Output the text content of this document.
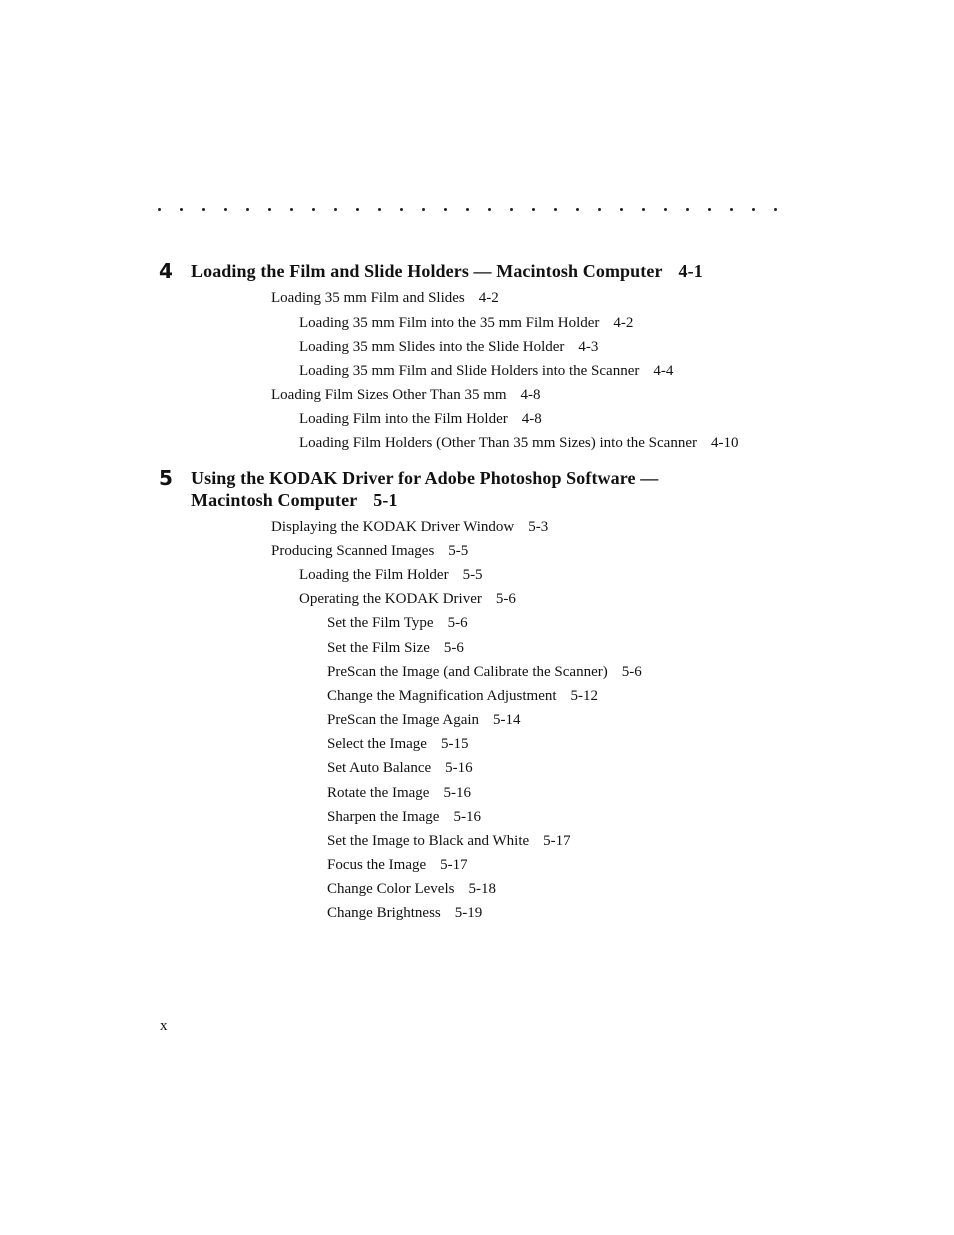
4 Loading the Film and Slide Holders — Macintosh Computer 4-1
Loading 35 mm Film and Slides 4-2
Loading 35 mm Film into the 35 mm Film Holder 4-2
Loading 35 mm Slides into the Slide Holder 4-3
Loading 35 mm Film and Slide Holders into the Scanner 4-4
Loading Film Sizes Other Than 35 mm 4-8
Loading Film into the Film Holder 4-8
Loading Film Holders (Other Than 35 mm Sizes) into the Scanner 4-10
5 Using the KODAK Driver for Adobe Photoshop Software —
Macintosh Computer 5-1
Displaying the KODAK Driver Window 5-3
Producing Scanned Images 5-5
Loading the Film Holder 5-5
Operating the KODAK Driver 5-6
Set the Film Type 5-6
Set the Film Size 5-6
PreScan the Image (and Calibrate the Scanner) 5-6
Change the Magnification Adjustment 5-12
PreScan the Image Again 5-14
Select the Image 5-15
Set Auto Balance 5-16
Rotate the Image 5-16
Sharpen the Image 5-16
Set the Image to Black and White 5-17
Focus the Image 5-17
Change Color Levels 5-18
Change Brightness 5-19
x
